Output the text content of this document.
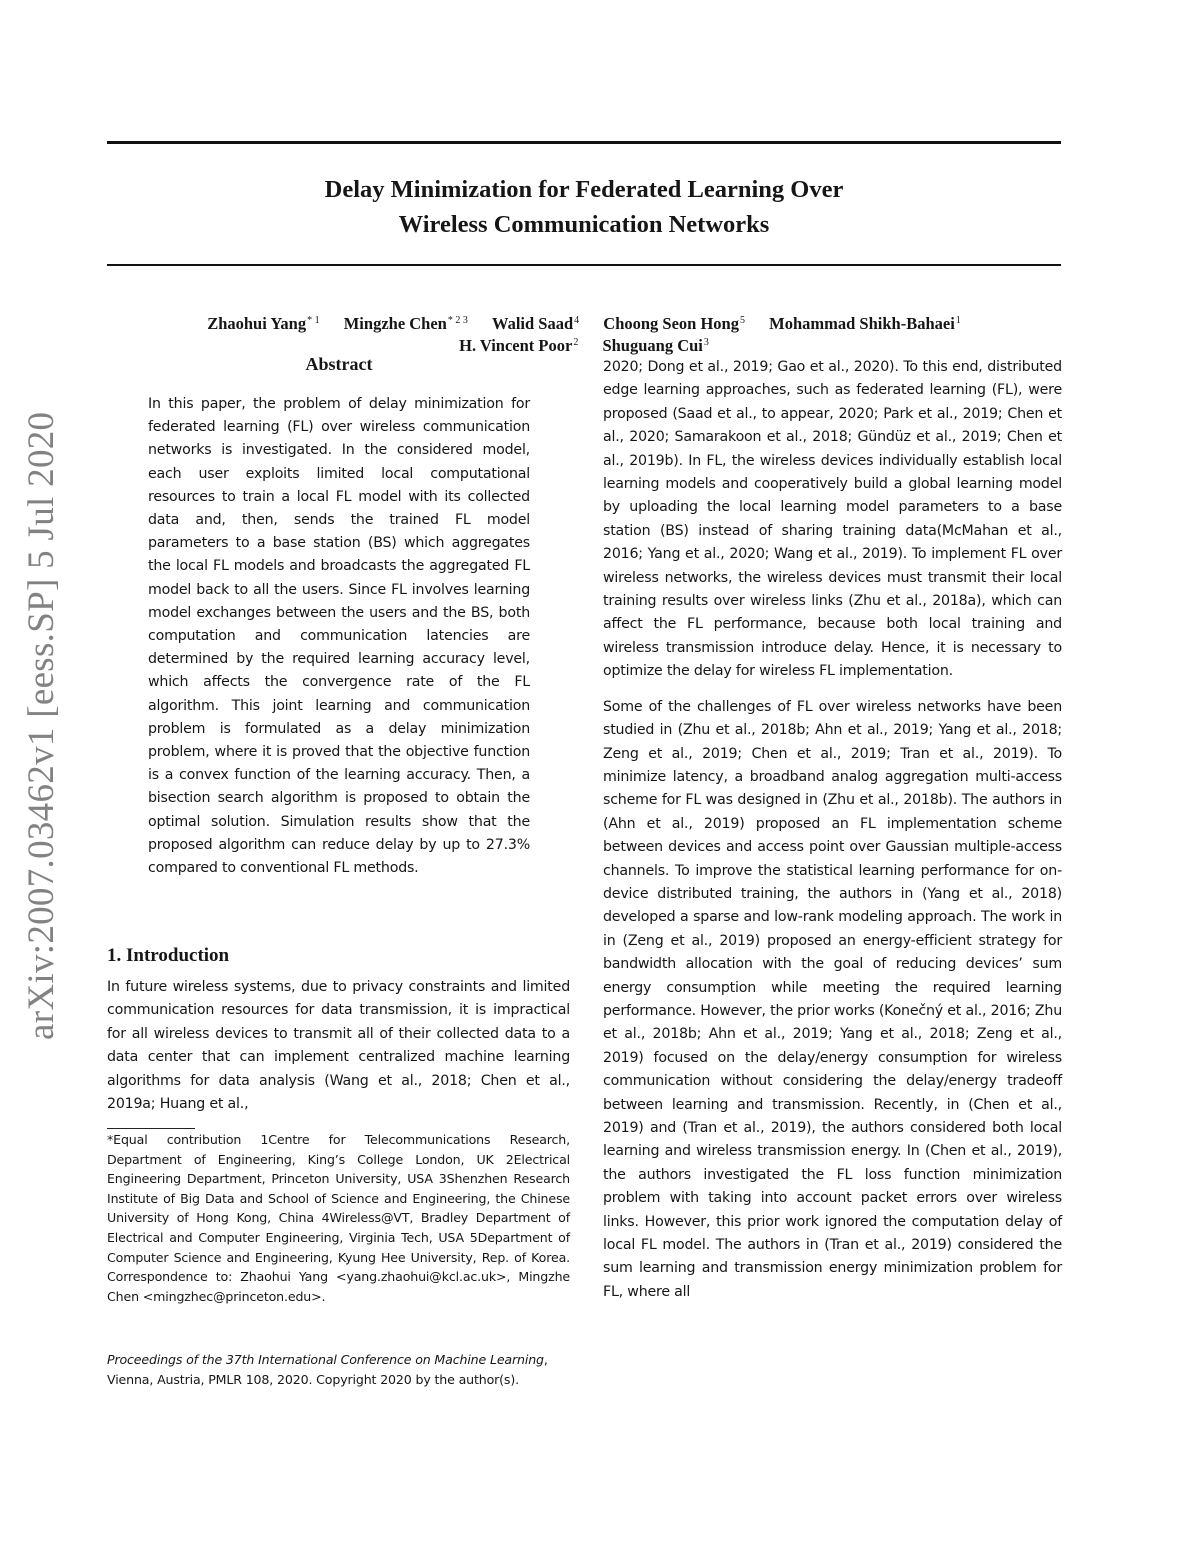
arXiv:2007.03462v1 [eess.SP] 5 Jul 2020
Delay Minimization for Federated Learning Over
Wireless Communication Networks
Zhaohui Yang$^{* 1}$ Mingzhe Chen$^{* 2 3}$ Walid Saad$^4$ Choong Seon Hong$^5$ Mohammad Shikh-Bahaei$^1$
H. Vincent Poor$^2$ Shuguang Cui$^3$
Abstract

In this paper, the problem of delay minimization for federated learning (FL) over wireless communication networks is investigated. In the considered model, each user exploits limited local computational resources to train a local FL model with its collected data and, then, sends the trained FL model parameters to a base station (BS) which aggregates the local FL models and broadcasts the aggregated FL model back to all the users. Since FL involves learning model exchanges between the users and the BS, both computation and communication latencies are determined by the required learning accuracy level, which affects the convergence rate of the FL algorithm. This joint learning and communication problem is formulated as a delay minimization problem, where it is proved that the objective function is a convex function of the learning accuracy. Then, a bisection search algorithm is proposed to obtain the optimal solution. Simulation results show that the proposed algorithm can reduce delay by up to 27.3% compared to conventional FL methods.

1. Introduction

In future wireless systems, due to privacy constraints and limited communication resources for data transmission, it is impractical for all wireless devices to transmit all of their collected data to a data center that can implement centralized machine learning algorithms for data analysis (Wang et al., 2018; Chen et al., 2019a; Huang et al.,

*Equal contribution 1Centre for Telecommunications Research, Department of Engineering, King’s College London, UK 2Electrical Engineering Department, Princeton University, USA 3Shenzhen Research Institute of Big Data and School of Science and Engineering, the Chinese University of Hong Kong, China 4Wireless@VT, Bradley Department of Electrical and Computer Engineering, Virginia Tech, USA 5Department of Computer Science and Engineering, Kyung Hee University, Rep. of Korea. Correspondence to: Zhaohui Yang <yang.zhaohui@kcl.ac.uk>, Mingzhe Chen <mingzhec@princeton.edu>.

Proceedings of the 37th International Conference on Machine Learning, Vienna, Austria, PMLR 108, 2020. Copyright 2020 by the author(s).

2020; Dong et al., 2019; Gao et al., 2020). To this end, distributed edge learning approaches, such as federated learning (FL), were proposed (Saad et al., to appear, 2020; Park et al., 2019; Chen et al., 2020; Samarakoon et al., 2018; Gündüz et al., 2019; Chen et al., 2019b). In FL, the wireless devices individually establish local learning models and cooperatively build a global learning model by uploading the local learning model parameters to a base station (BS) instead of sharing training data(McMahan et al., 2016; Yang et al., 2020; Wang et al., 2019). To implement FL over wireless networks, the wireless devices must transmit their local training results over wireless links (Zhu et al., 2018a), which can affect the FL performance, because both local training and wireless transmission introduce delay. Hence, it is necessary to optimize the delay for wireless FL implementation.

Some of the challenges of FL over wireless networks have been studied in (Zhu et al., 2018b; Ahn et al., 2019; Yang et al., 2018; Zeng et al., 2019; Chen et al., 2019; Tran et al., 2019). To minimize latency, a broadband analog aggregation multi-access scheme for FL was designed in (Zhu et al., 2018b). The authors in (Ahn et al., 2019) proposed an FL implementation scheme between devices and access point over Gaussian multiple-access channels. To improve the statistical learning performance for on-device distributed training, the authors in (Yang et al., 2018) developed a sparse and low-rank modeling approach. The work in in (Zeng et al., 2019) proposed an energy-efficient strategy for bandwidth allocation with the goal of reducing devices’ sum energy consumption while meeting the required learning performance. However, the prior works (Konečný et al., 2016; Zhu et al., 2018b; Ahn et al., 2019; Yang et al., 2018; Zeng et al., 2019) focused on the delay/energy consumption for wireless communication without considering the delay/energy tradeoff between learning and transmission. Recently, in (Chen et al., 2019) and (Tran et al., 2019), the authors considered both local learning and wireless transmission energy. In (Chen et al., 2019), the authors investigated the FL loss function minimization problem with taking into account packet errors over wireless links. However, this prior work ignored the computation delay of local FL model. The authors in (Tran et al., 2019) considered the sum learning and transmission energy minimization problem for FL, where all
